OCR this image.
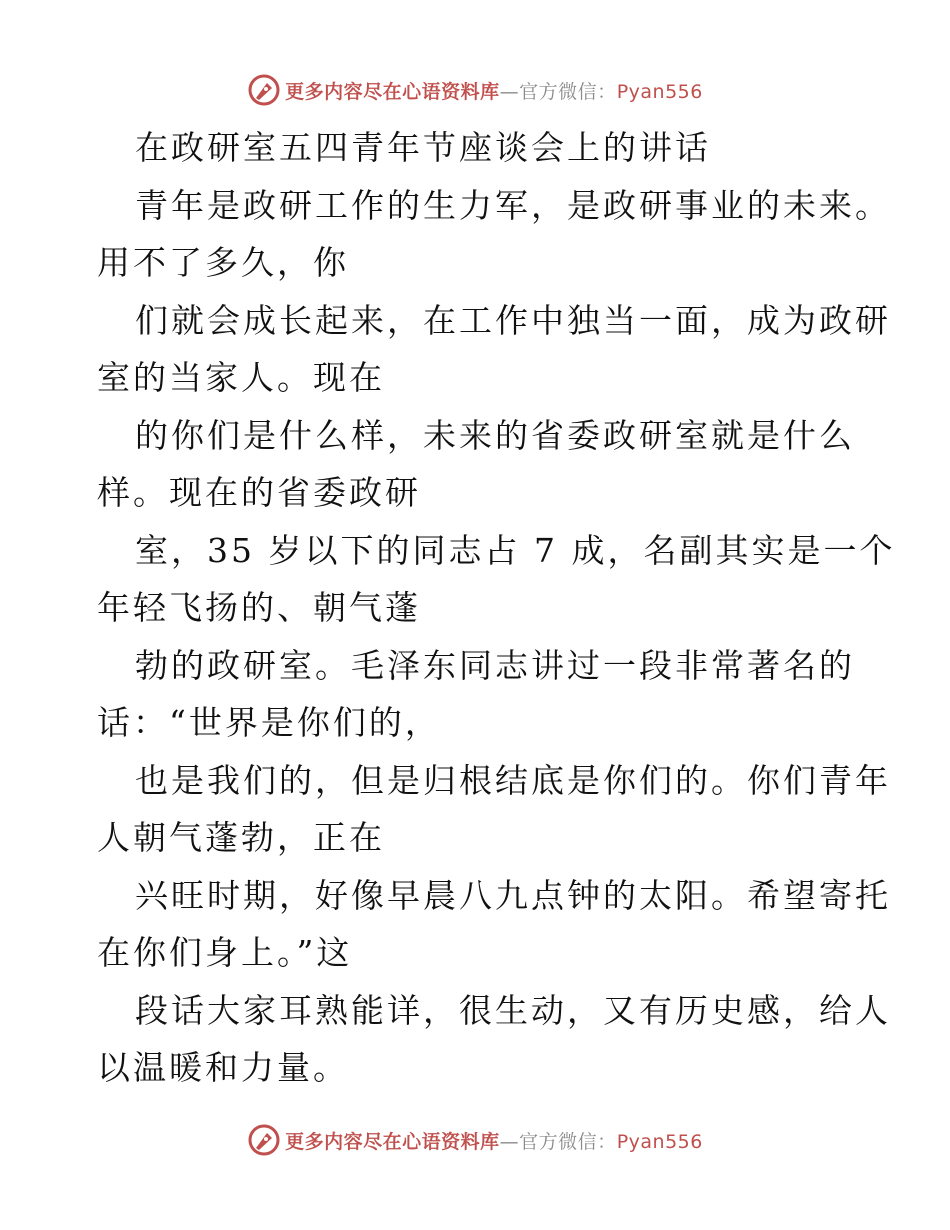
更多内容尽在心语资料库—官方微信：Pyan556
在政研室五四青年节座谈会上的讲话
青年是政研工作的生力军，是政研事业的未来。
用不了多久，你
们就会成长起来，在工作中独当一面，成为政研
室的当家人。现在
的你们是什么样，未来的省委政研室就是什么
样。现在的省委政研
室，35 岁以下的同志占 7 成，名副其实是一个
年轻飞扬的、朝气蓬
勃的政研室。毛泽东同志讲过一段非常著名的
话：“世界是你们的，
也是我们的，但是归根结底是你们的。你们青年
人朝气蓬勃，正在
兴旺时期，好像早晨八九点钟的太阳。希望寄托
在你们身上。”这
段话大家耳熟能详，很生动，又有历史感，给人
以温暖和力量。
更多内容尽在心语资料库—官方微信：Pyan556
